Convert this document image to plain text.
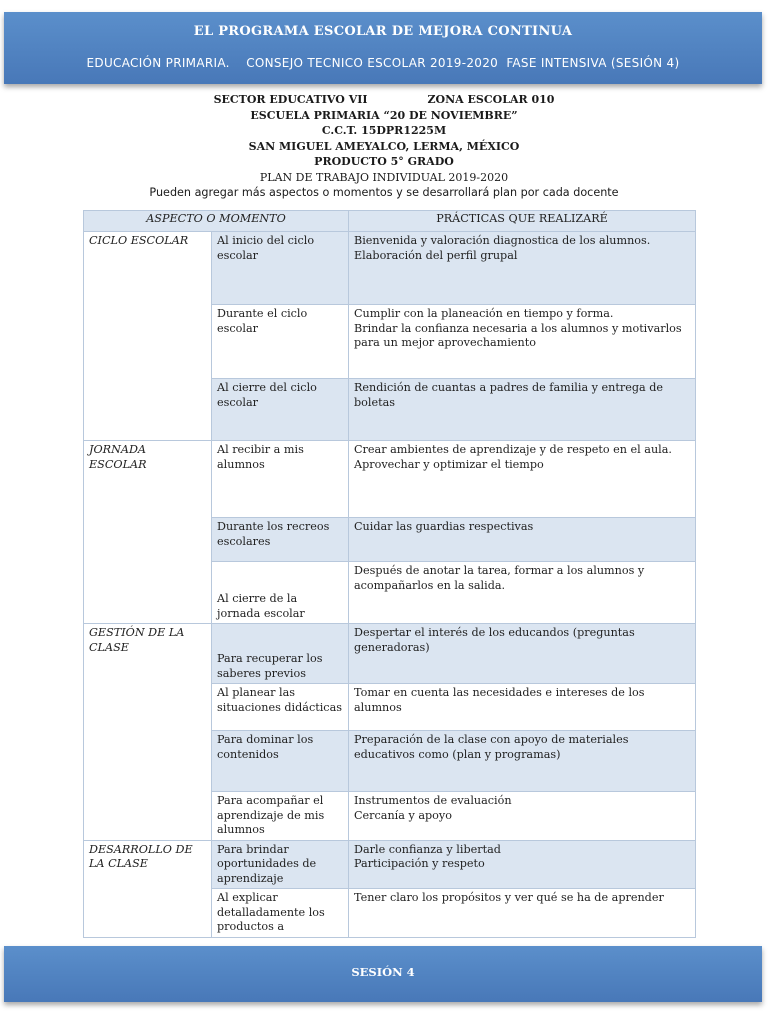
EL PROGRAMA ESCOLAR DE MEJORA CONTINUA
EDUCACIÓN PRIMARIA.    CONSEJO TECNICO ESCOLAR 2019-2020  FASE INTENSIVA (SESIÓN 4)
SECTOR EDUCATIVO VII	ZONA ESCOLAR 010
ESCUELA PRIMARIA “20 DE NOVIEMBRE”
C.C.T. 15DPR1225M
SAN MIGUEL AMEYALCO, LERMA, MÉXICO
PRODUCTO 5° GRADO
PLAN DE TRABAJO INDIVIDUAL 2019-2020
Pueden agregar más aspectos o momentos y se desarrollará plan por cada docente
ASPECTO O MOMENTO		PRÁCTICAS QUE REALIZARÉ
CICLO ESCOLAR	Al inicio del ciclo escolar	Bienvenida y valoración diagnostica de los alumnos.
Elaboración del perfil grupal

	Durante el ciclo escolar	Cumplir con la planeación en tiempo y forma.
Brindar la confianza necesaria a los alumnos y motivarlos para un mejor aprovechamiento

	Al cierre del ciclo escolar	Rendición de cuantas a padres de familia y entrega de boletas

JORNADA ESCOLAR	Al recibir a mis alumnos	Crear ambientes de aprendizaje y de respeto en el aula.
Aprovechar y optimizar el tiempo

	Durante los recreos escolares	Cuidar las guardias respectivas

	Al cierre de la jornada escolar	Después de anotar la tarea, formar a los alumnos y acompañarlos en la salida.

GESTIÓN DE LA CLASE	Para recuperar los saberes previos	Despertar el interés de los educandos (preguntas generadoras)

	Al planear las situaciones didácticas	Tomar en cuenta las necesidades e intereses de los alumnos

	Para dominar los contenidos	Preparación de la clase con apoyo de materiales educativos como (plan y programas)

	Para acompañar el aprendizaje de mis alumnos	Instrumentos de evaluación
Cercanía y apoyo

DESARROLLO DE LA CLASE	Para brindar oportunidades de aprendizaje	Darle confianza y libertad
Participación y respeto

	Al explicar detalladamente los productos a	Tener claro los propósitos y ver qué se ha de aprender
SESIÓN 4
